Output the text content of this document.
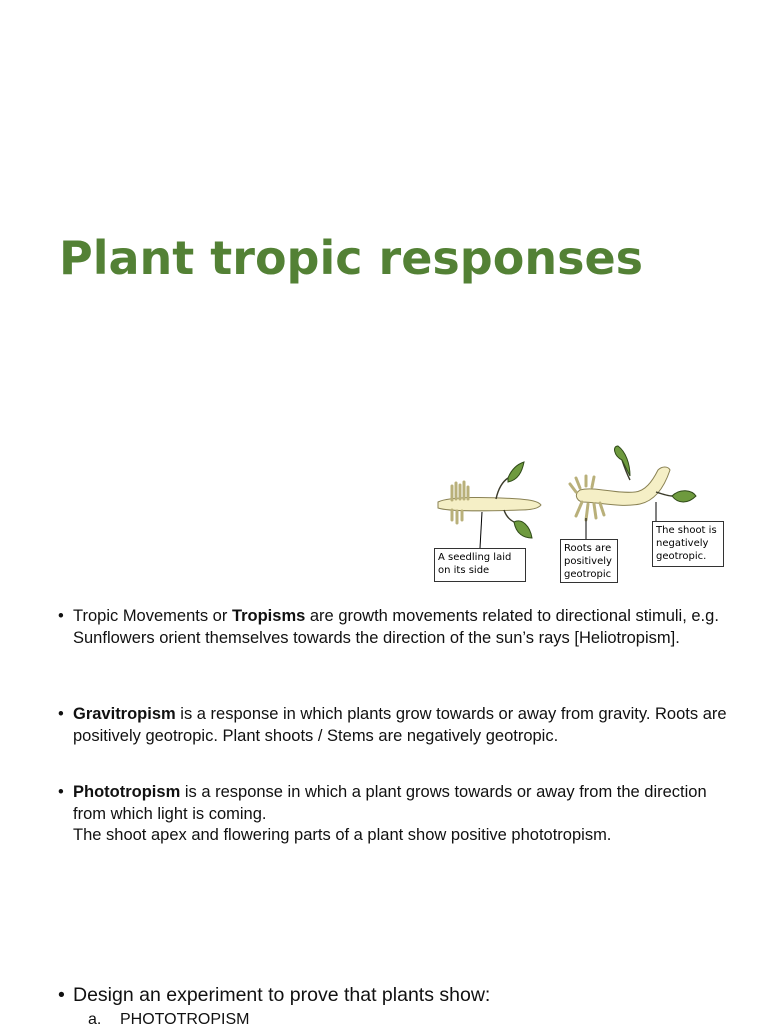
Plant tropic responses
A seedling laid on its side
Roots are positively geotropic
The shoot is negatively geotropic.
• Tropic Movements or Tropisms are growth movements related to directional stimuli, e.g. Sunflowers orient themselves towards the direction of the sun’s rays [Heliotropism].
• Gravitropism is a response in which plants grow towards or away from gravity. Roots are positively geotropic. Plant shoots / Stems are negatively geotropic.
• Phototropism is a response in which a plant grows towards or away from the direction from which light is coming.
The shoot apex and flowering parts of a plant show positive phototropism.
• Design an experiment to prove that plants show:
a. PHOTOTROPISM
